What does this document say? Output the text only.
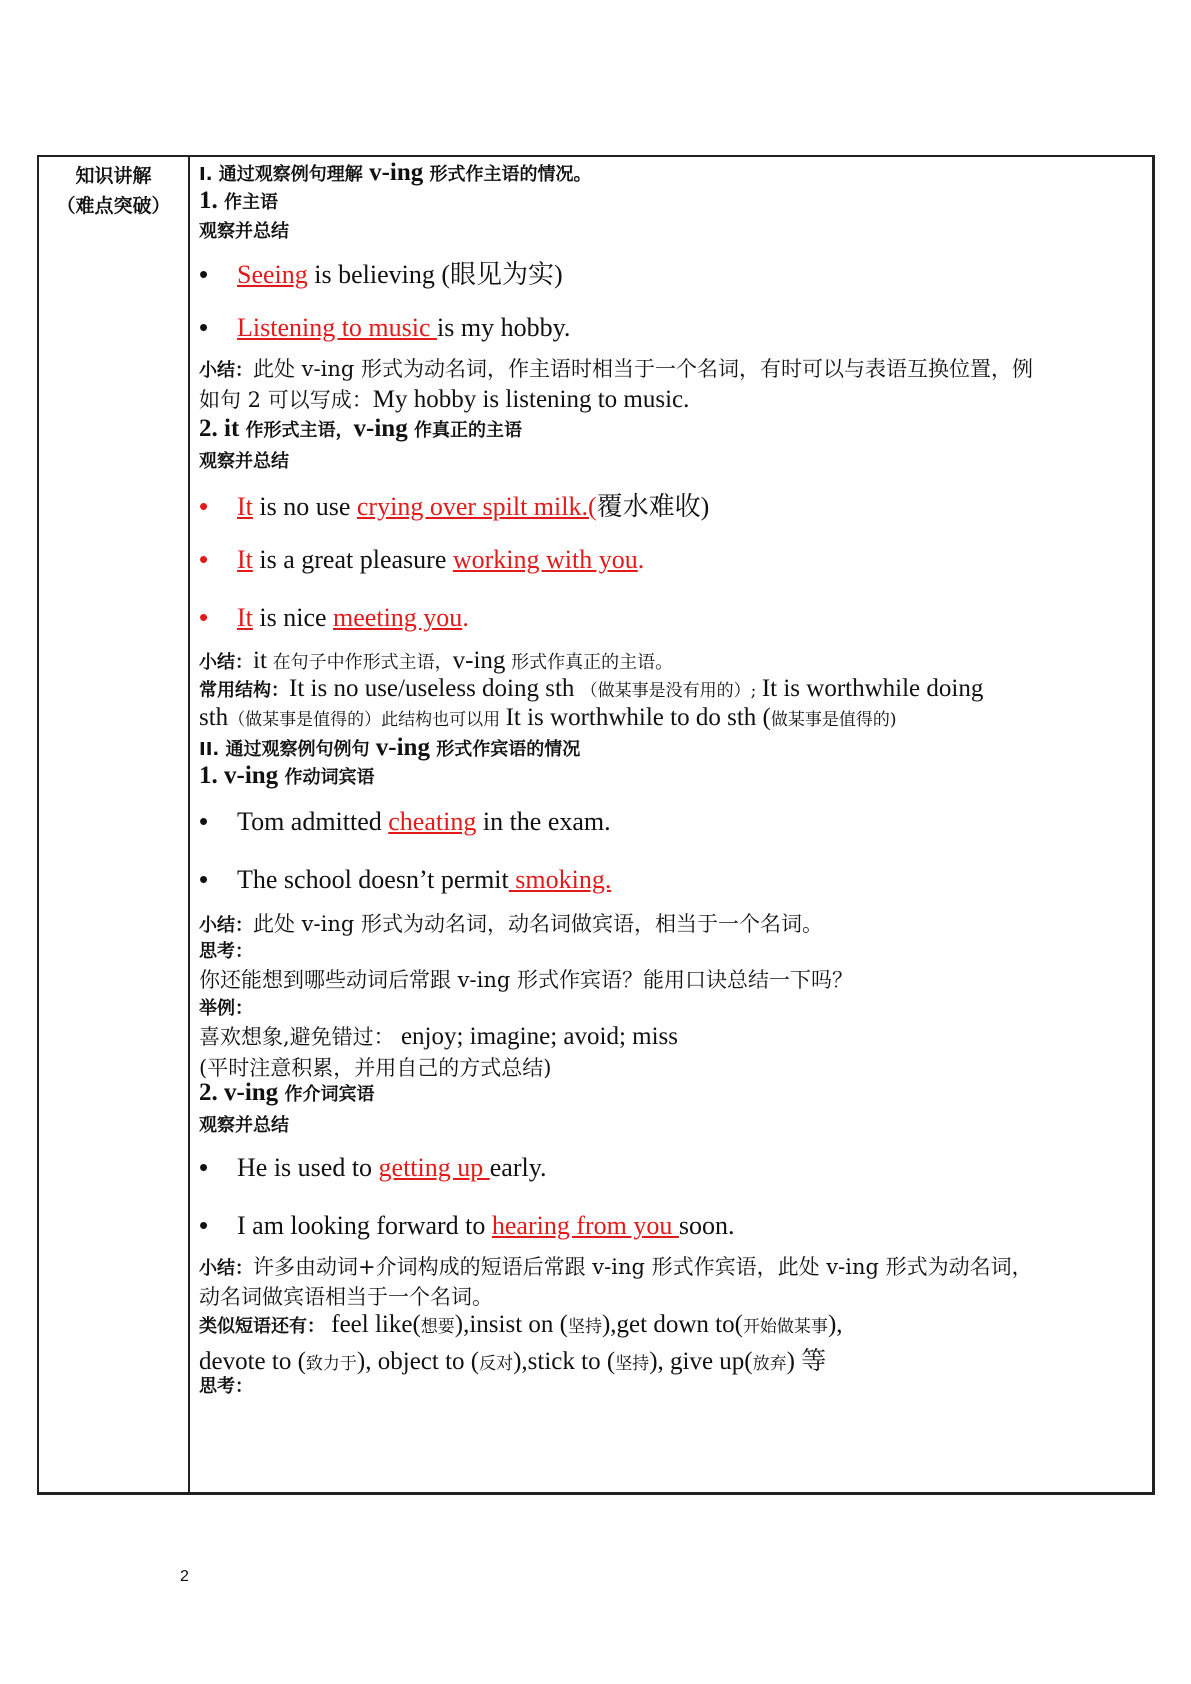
知识讲解
（难点突破）
I. 通过观察例句理解 v-ing 形式作主语的情况。
1. 作主语
观察并总结
• Seeing is believing (眼见为实)
• Listening to music is my hobby.
小结：此处 v-ing 形式为动名词，作主语时相当于一个名词，有时可以与表语互换位置，例
如句 2 可以写成：My hobby is listening to music.
2. it 作形式主语，v-ing 作真正的主语
观察并总结
• It is no use crying over spilt milk.(覆水难收)
• It is a great pleasure working with you.
• It is nice meeting you.
小结：it 在句子中作形式主语，v-ing 形式作真正的主语。
常用结构：It is no use/useless doing sth （做某事是没有用的）; It is worthwhile doing
sth（做某事是值得的）此结构也可以用 It is worthwhile to do sth (做某事是值得的)
II. 通过观察例句例句 v-ing 形式作宾语的情况
1. v-ing 作动词宾语
• Tom admitted cheating in the exam.
• The school doesn’t permit smoking.
小结：此处 v-ing 形式为动名词，动名词做宾语，相当于一个名词。
思考：
你还能想到哪些动词后常跟 v-ing 形式作宾语？能用口诀总结一下吗？
举例：
喜欢想象,避免错过： enjoy; imagine; avoid; miss
(平时注意积累，并用自己的方式总结)
2. v-ing 作介词宾语
观察并总结
• He is used to getting up early.
• I am looking forward to hearing from you soon.
小结：许多由动词+介词构成的短语后常跟 v-ing 形式作宾语，此处 v-ing 形式为动名词，
动名词做宾语相当于一个名词。
类似短语还有： feel like(想要),insist on (坚持),get down to(开始做某事),
devote to (致力于), object to (反对),stick to (坚持), give up(放弃) 等
思考：
2
